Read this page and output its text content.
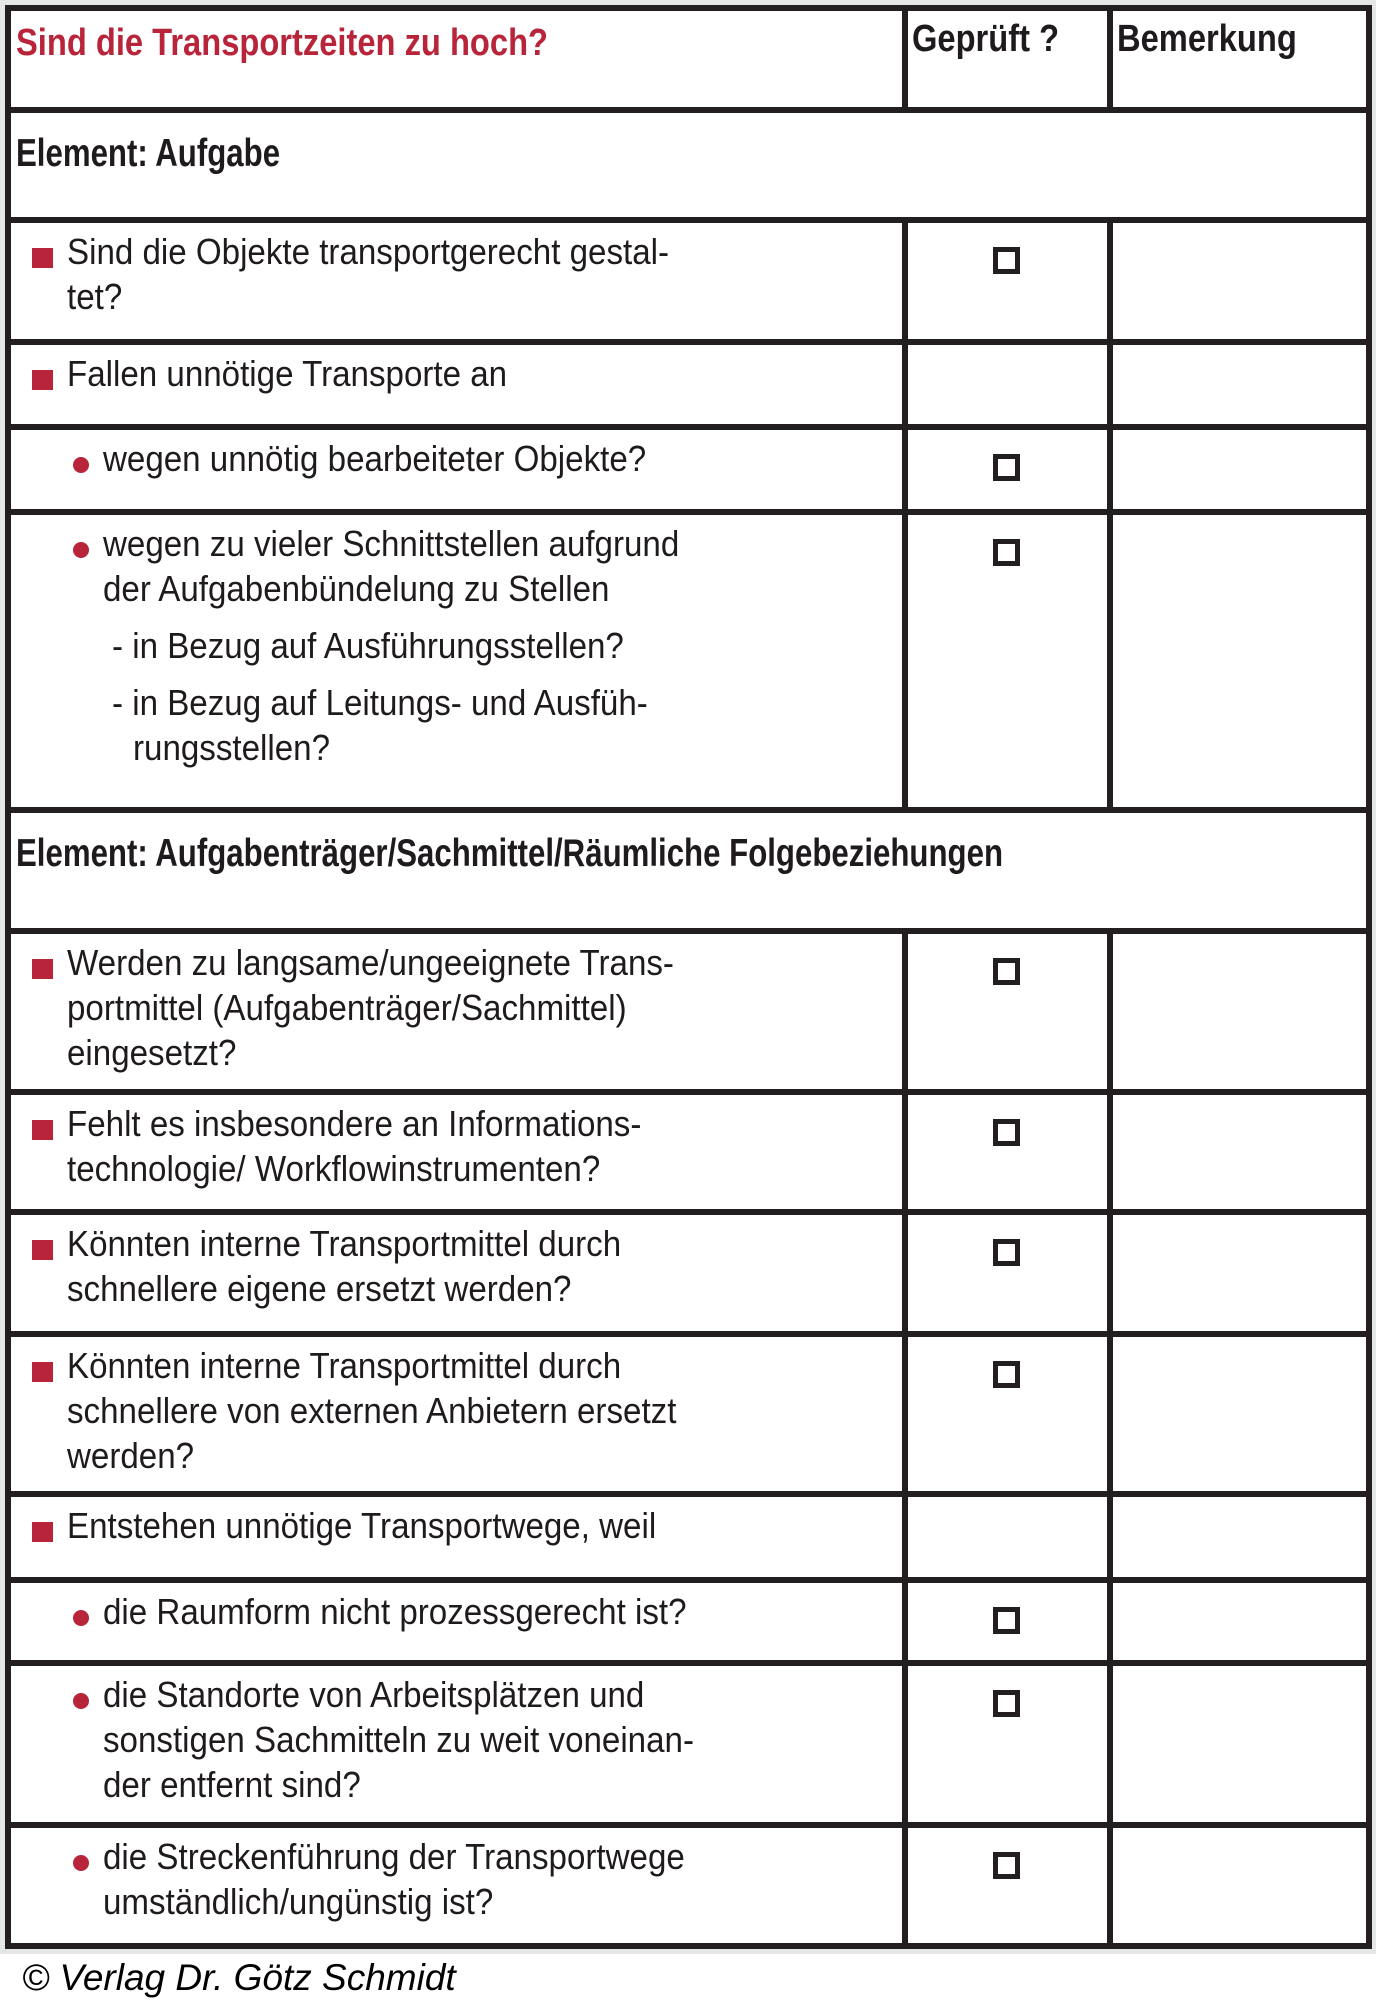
Sind die Transportzeiten zu hoch?	Geprüft ? Bemerkung
Element: Aufgabe
Element: Aufgabenträger/Sachmittel/Räumliche Folgebeziehungen
Sind die Objekte transportgerecht gestal-
tet?
Fallen unnötige Transporte an
wegen unnötig bearbeiteter Objekte?
wegen zu vieler Schnittstellen aufgrund
der Aufgabenbündelung zu Stellen
- in Bezug auf Ausführungsstellen?
- in Bezug auf Leitungs- und Ausfüh-
rungsstellen?
Werden zu langsame/ungeeignete Trans-
portmittel (Aufgabenträger/Sachmittel)
eingesetzt?
Fehlt es insbesondere an Informations-
technologie/ Workflowinstrumenten?
Könnten interne Transportmittel durch
schnellere eigene ersetzt werden?
Könnten interne Transportmittel durch
schnellere von externen Anbietern ersetzt
werden?
Entstehen unnötige Transportwege, weil
die Raumform nicht prozessgerecht ist?
die Standorte von Arbeitsplätzen und
sonstigen Sachmitteln zu weit voneinan-
der entfernt sind?
die Streckenführung der Transportwege
umständlich/ungünstig ist?
© Verlag Dr. Götz Schmidt
